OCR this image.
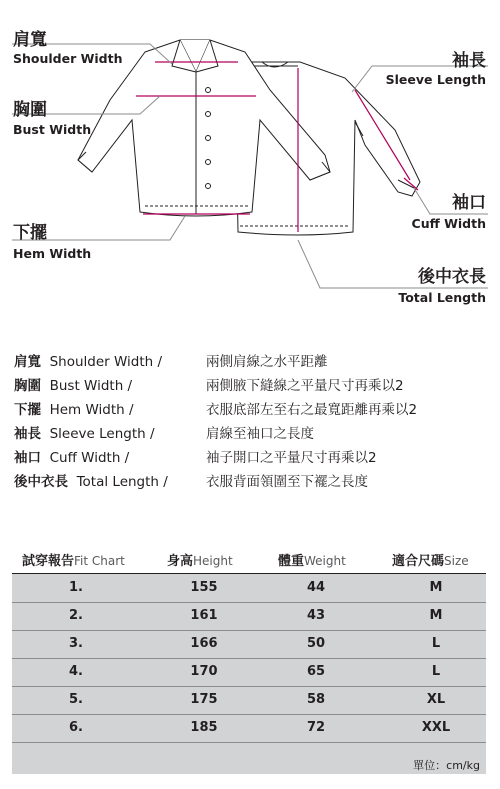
肩寬
Shoulder Width
胸圍
Bust Width
下擺
Hem Width
袖長
Sleeve Length
袖口
Cuff Width
後中衣長
Total Length
肩寬 Shoulder Width /	兩側肩線之水平距離
胸圍 Bust Width /	兩側腋下縫線之平量尺寸再乘以2
下擺 Hem Width /	衣服底部左至右之最寬距離再乘以2
袖長 Sleeve Length /	肩線至袖口之長度
袖口 Cuff Width /	袖子開口之平量尺寸再乘以2
後中衣長 Total Length /	衣服背面領圍至下襬之長度
試穿報告Fit Chart	身高Height	體重Weight	適合尺碼Size
1.	155	44	M
2.	161	43	M
3.	166	50	L
4.	170	65	L
5.	175	58	XL
6.	185	72	XXL
單位：cm/kg
